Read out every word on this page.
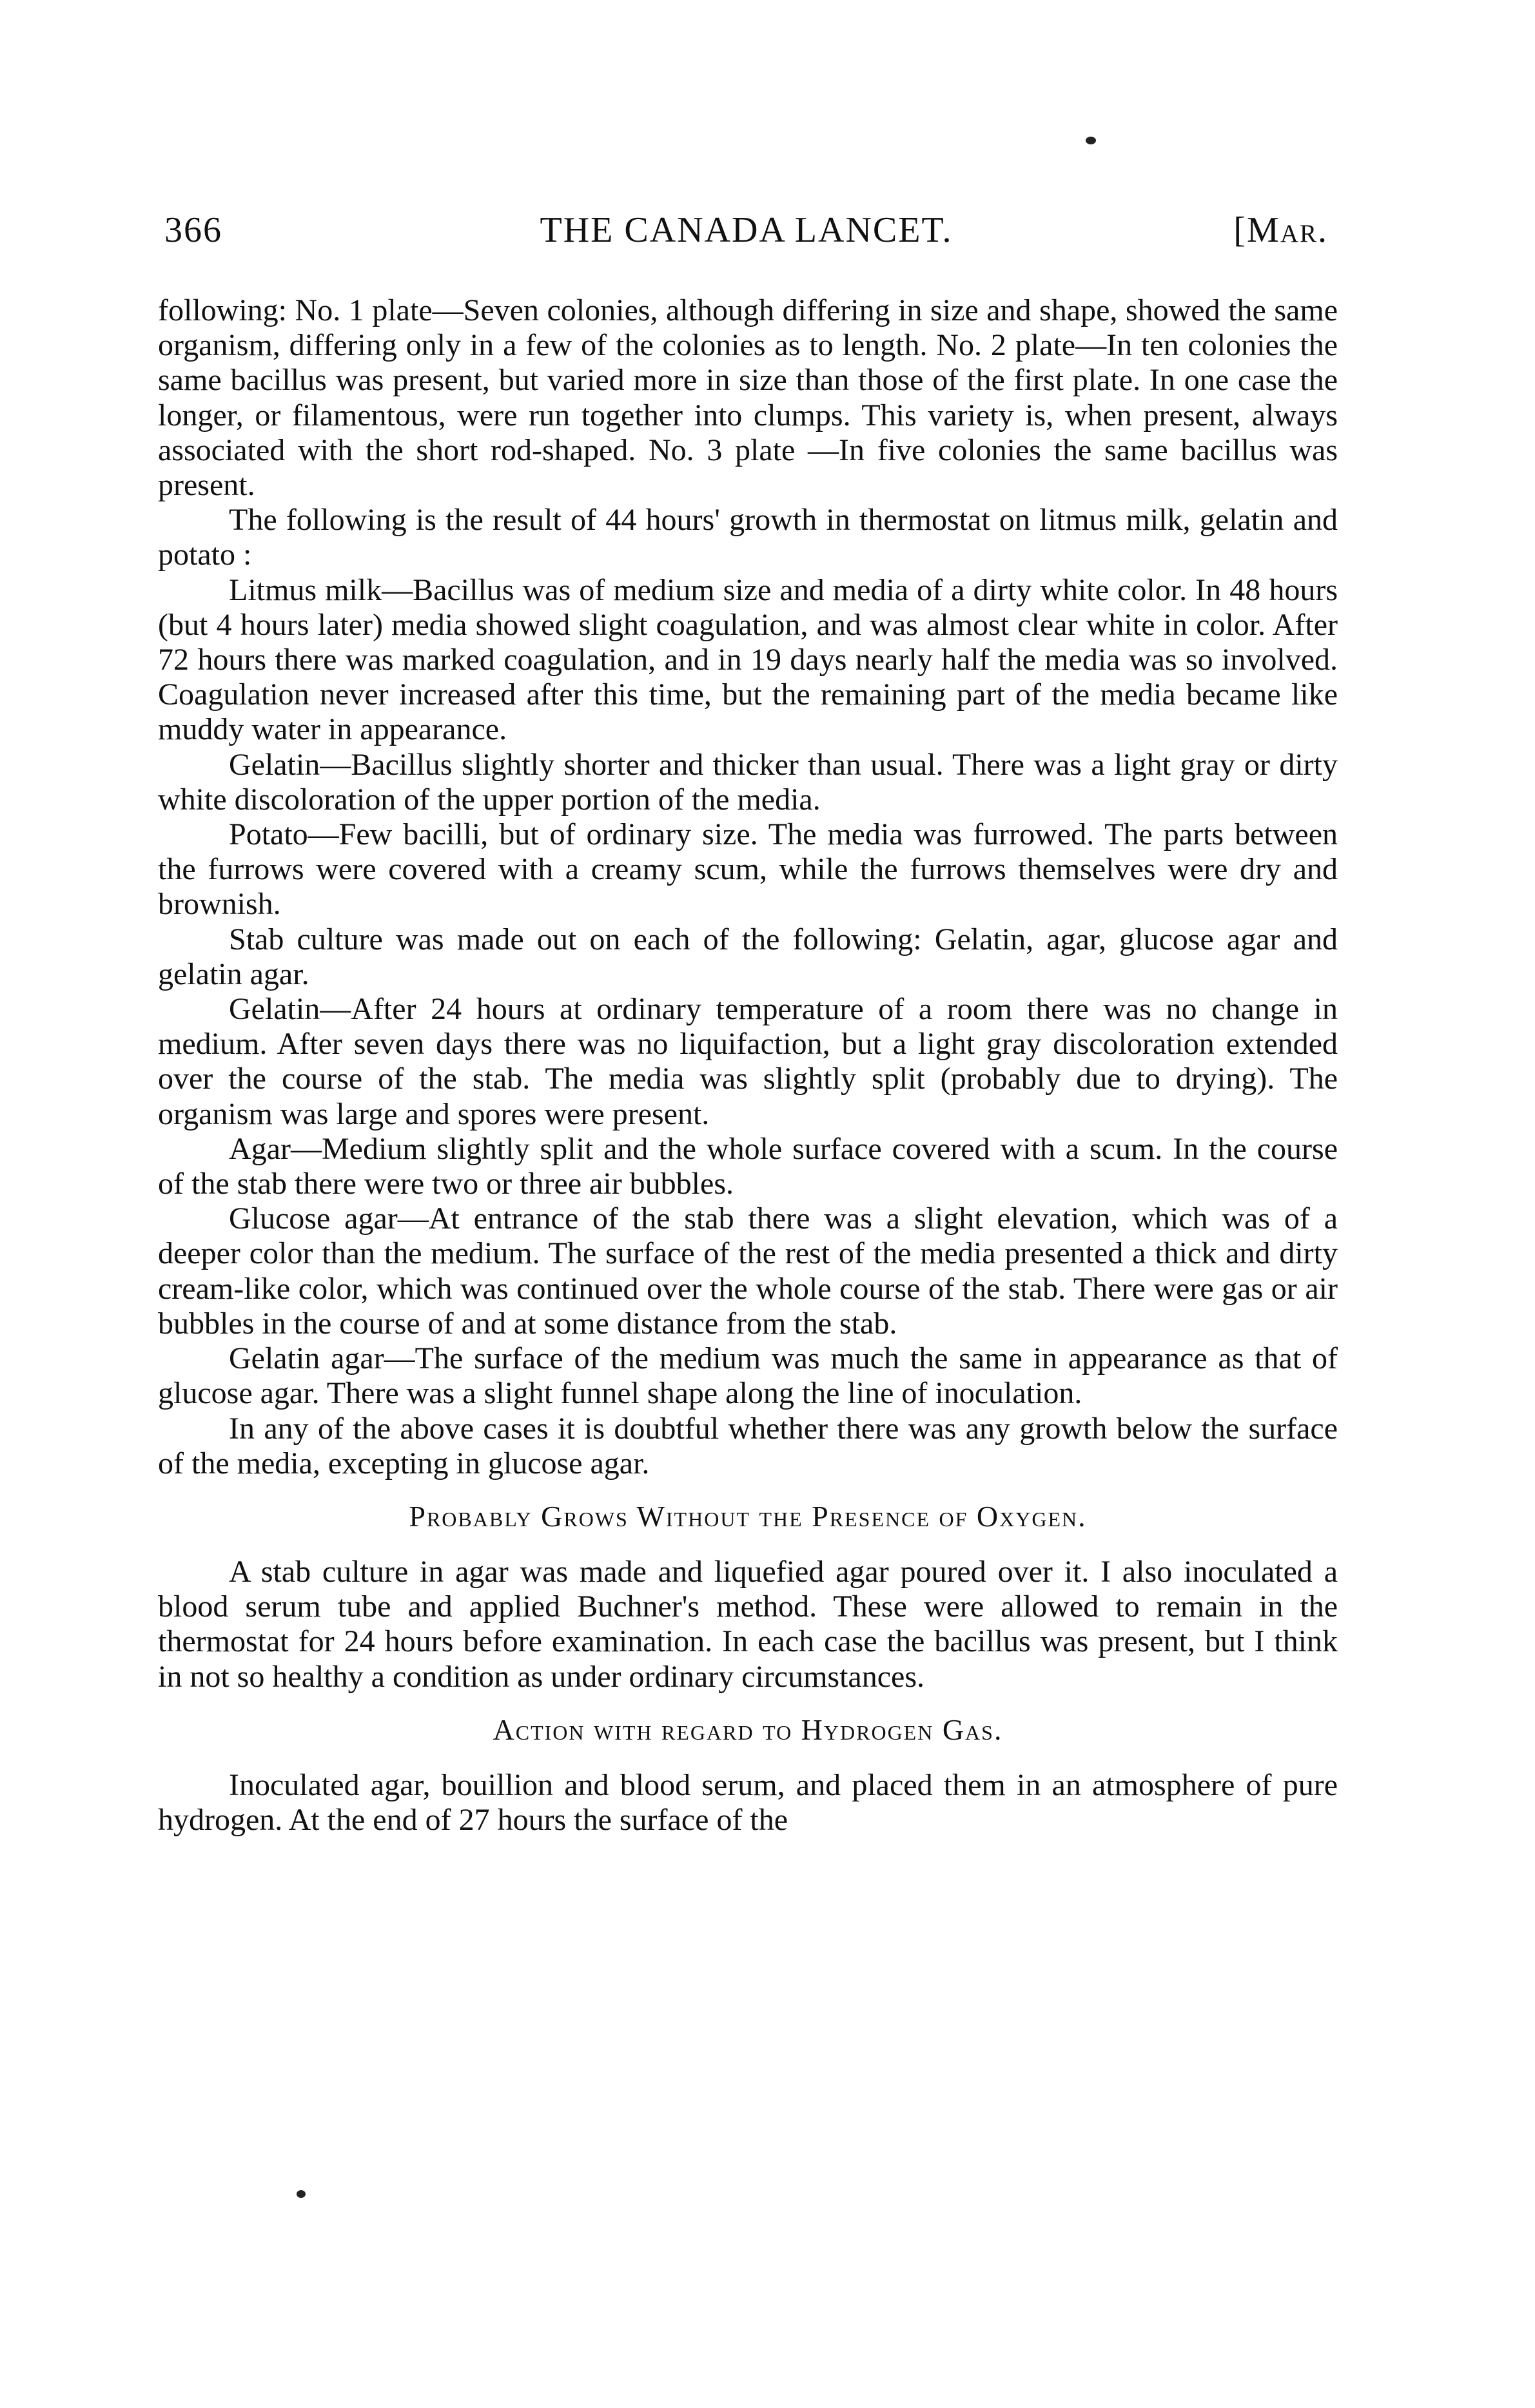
366	THE CANADA LANCET.	[Mar.

following: No. 1 plate—Seven colonies, although differing in size and shape, showed the same organism, differing only in a few of the colonies as to length. No. 2 plate—In ten colonies the same bacillus was present, but varied more in size than those of the first plate. In one case the longer, or filamentous, were run together into clumps. This variety is, when present, always associated with the short rod-shaped. No. 3 plate —In five colonies the same bacillus was present.

The following is the result of 44 hours' growth in thermostat on litmus milk, gelatin and potato :

Litmus milk—Bacillus was of medium size and media of a dirty white color. In 48 hours (but 4 hours later) media showed slight coagulation, and was almost clear white in color. After 72 hours there was marked coagulation, and in 19 days nearly half the media was so involved. Coagulation never increased after this time, but the remaining part of the media became like muddy water in appearance.

Gelatin—Bacillus slightly shorter and thicker than usual. There was a light gray or dirty white discoloration of the upper portion of the media.

Potato—Few bacilli, but of ordinary size. The media was furrowed. The parts between the furrows were covered with a creamy scum, while the furrows themselves were dry and brownish.

Stab culture was made out on each of the following: Gelatin, agar, glucose agar and gelatin agar.

Gelatin—After 24 hours at ordinary temperature of a room there was no change in medium. After seven days there was no liquifaction, but a light gray discoloration extended over the course of the stab. The media was slightly split (probably due to drying). The organism was large and spores were present.

Agar—Medium slightly split and the whole surface covered with a scum. In the course of the stab there were two or three air bubbles.

Glucose agar—At entrance of the stab there was a slight elevation, which was of a deeper color than the medium. The surface of the rest of the media presented a thick and dirty cream-like color, which was continued over the whole course of the stab. There were gas or air bubbles in the course of and at some distance from the stab.

Gelatin agar—The surface of the medium was much the same in appearance as that of glucose agar. There was a slight funnel shape along the line of inoculation.

In any of the above cases it is doubtful whether there was any growth below the surface of the media, excepting in glucose agar.

Probably Grows Without the Presence of Oxygen.

A stab culture in agar was made and liquefied agar poured over it. I also inoculated a blood serum tube and applied Buchner's method. These were allowed to remain in the thermostat for 24 hours before examination. In each case the bacillus was present, but I think in not so healthy a condition as under ordinary circumstances.

Action with regard to Hydrogen Gas.

Inoculated agar, bouillion and blood serum, and placed them in an atmosphere of pure hydrogen. At the end of 27 hours the surface of the
